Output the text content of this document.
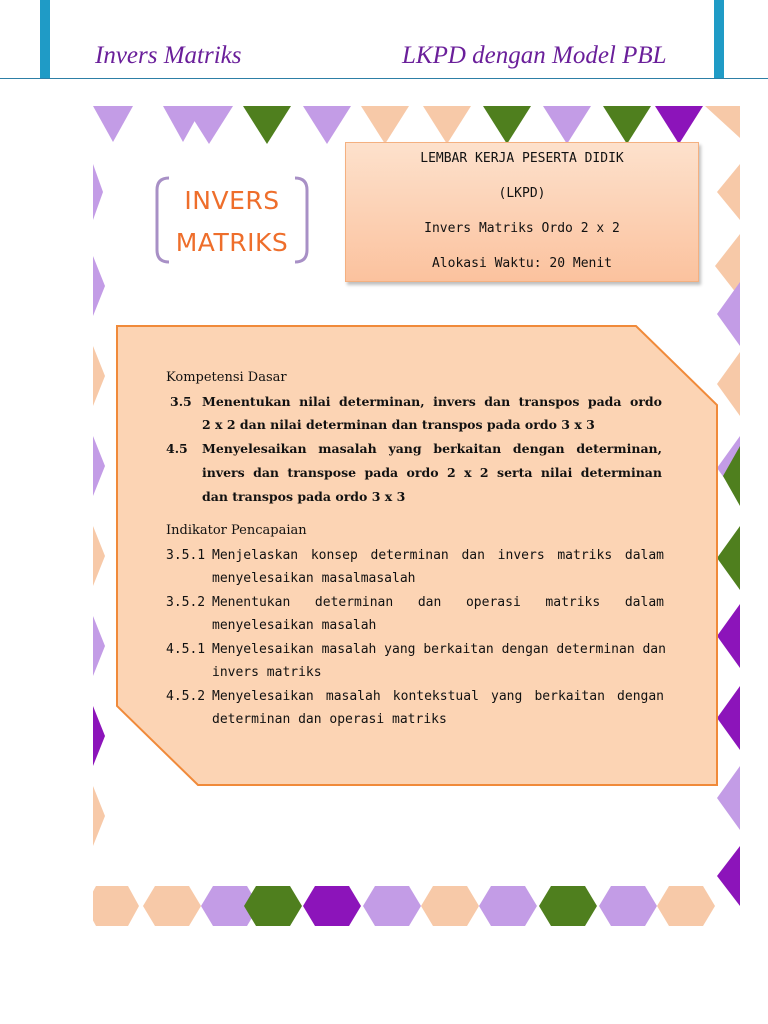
Invers Matriks	LKPD dengan Model PBL
INVERS
MATRIKS
LEMBAR KERJA PESERTA DIDIK
(LKPD)
Invers Matriks Ordo 2 x 2
Alokasi Waktu: 20 Menit
Kompetensi Dasar
3.5 Menentukan nilai determinan, invers dan transpos pada ordo
2 x 2 dan nilai determinan dan transpos pada ordo 3 x 3
4.5 Menyelesaikan masalah yang berkaitan dengan determinan,
invers dan transpose pada ordo 2 x 2 serta nilai determinan
dan transpos pada ordo 3 x 3
Indikator Pencapaian
3.5.1 Menjelaskan konsep determinan dan invers matriks dalam
menyelesaikan masalmasalah
3.5.2 Menentukan determinan dan operasi matriks dalam
menyelesaikan masalah
4.5.1 Menyelesaikan masalah yang berkaitan dengan determinan dan
invers matriks
4.5.2 Menyelesaikan masalah kontekstual yang berkaitan dengan
determinan dan operasi matriks
